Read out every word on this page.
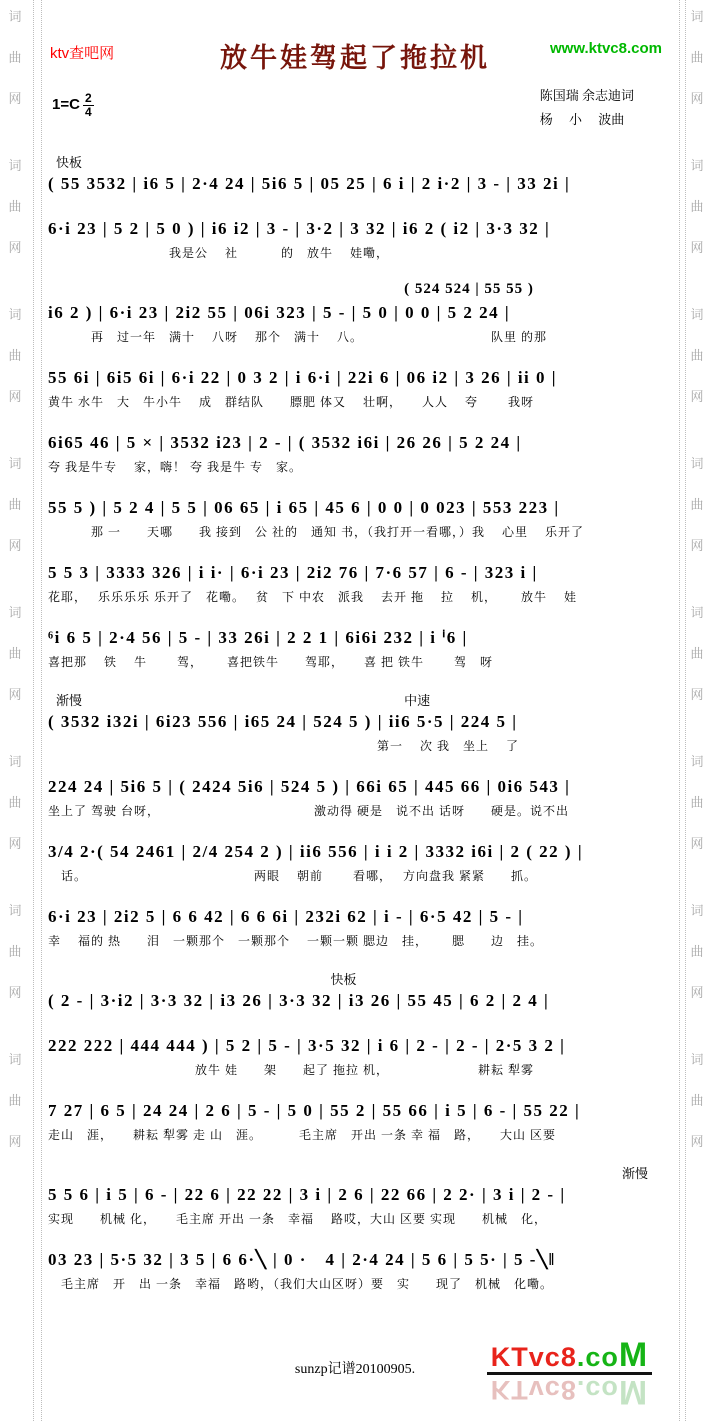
词
曲
网
词
曲
网
词
曲
网
词
曲
网
词
曲
网
词
曲
网
词
曲
网
词
曲
网
词
曲
网
词
曲
网
词
曲
网
词
曲
网
词
曲
网
词
曲
网
词
曲
网
词
曲
网
ktv查吧网	放牛娃驾起了拖拉机	www.ktvc8.com
$1=C \frac{2}{4}$	陈国瑞 余志迪词
杨　 小 　波曲
快板
( 55 3532 | i6 5 | 2·4 24 | 5i6 5 | 05 25 | 6 i | 2 i·2 | 3 - | 33 2i |
6·i 23 | 5 2 | 5 0 ) | i6 i2 | 3 - | 3·2 | 3 32 | i6 2 ( i2 | 3·3 32 |
　　　　　　　　　 我是公　 社　　　 的　放牛　 娃嘞，
( 524 524 | 55 55 )
i6 2 ) | 6·i 23 | 2i2 55 | 06i 323 | 5 - | 5 0 | 0 0 | 5 2 24 |
　　　 再　过一年　满十　 八呀　 那个　满十　 八。　　　　　　　　　　 队里 的那
55 6i | 6i5 6i | 6·i 22 | 0 3 2 | i 6·i | 22i 6 | 06 i2 | 3 26 | ii 0 |
黄牛 水牛　大　牛小牛　 成　群结队　　膘肥 体又　 壮啊，　　人人　 夸　　 我呀
6i65 46 | 5 × | 3532 i23 | 2 - | ( 3532 i6i | 26 26 | 5 2 24 |
夸 我是牛专　 家，嗨！ 夸 我是牛 专　家。
55 5 ) | 5 2 4 | 5 5 | 06 65 | i 65 | 45 6 | 0 0 | 0 023 | 553 223 |
　　　 那 一　　天哪　　我 接到　公 社的　通知 书，（我打开一看哪，）我　 心里　 乐开了
5 5 3 | 3333 326 | i i· | 6·i 23 | 2i2 76 | 7·6 57 | 6 - | 323 i |
花耶，　 乐乐乐乐 乐开了　花嘞。　 贫　下 中农　派我　 去开 拖　 拉　 机，　　 放牛　 娃
⁶i 6 5 | 2·4 56 | 5 - | 33 26i | 2 2 1 | 6i6i 232 | i ⁱ6 |
喜把那　 铁　 牛　　 驾，　　 喜把铁牛　　驾耶，　　喜 把 铁牛　　 驾　呀
渐慢	中速
( 3532 i32i | 6i23 556 | i65 24 | 524 5 ) | ii6 5·5 | 224 5 |
　　　　　　　　　　　　　　　　　　　　　　　　　 第一　 次 我　坐上　 了
224 24 | 5i6 5 | ( 2424 5i6 | 524 5 ) | 66i 65 | 445 66 | 0i6 543 |
坐上了 驾驶 台呀，　　　　　　　　　　　　 激动得 硬是　说不出 话呀　　硬是。说不出
3/4 2·( 54 2461 | 2/4 254 2 ) | ii6 556 | i i 2 | 3332 i6i | 2 ( 22 ) |
　话。　　　　　　　　　　　　　 两眼　 朝前　　 看哪，　 方向盘我 紧紧　　抓。
6·i 23 | 2i2 5 | 6 6 42 | 6 6 6i | 232i 62 | i - | 6·5 42 | 5 - |
幸　 福的 热　　泪　一颗那个　一颗那个　 一颗一颗 腮边　挂，　　 腮　　边　挂。
快板
( 2 - | 3·i2 | 3·3 32 | i3 26 | 3·3 32 | i3 26 | 55 45 | 6 2 | 2 4 |
222 222 | 444 444 ) | 5 2 | 5 - | 3·5 32 | i 6 | 2 - | 2 - | 2·5 3 2 |
　　　　　　　　　　　 放牛 娃　　架　　起了 拖拉 机，　　　　　　　 耕耘 犁雾
7 27 | 6 5 | 24 24 | 2 6 | 5 - | 5 0 | 55 2 | 55 66 | i 5 | 6 - | 55 22 |
走山　涯，　　耕耘 犁雾 走 山　涯。　　　 毛主席　开出 一条 幸 福　路，　　大山 区要
渐慢
5 5 6 | i 5 | 6 - | 22 6 | 22 22 | 3 i | 2 6 | 22 66 | 2 2· | 3 i | 2 - |
实现　　机械 化，　　毛主席 开出 一条　幸福　 路哎，大山 区要 实现　　机械　化，
03 23 | 5·5 32 | 3 5 | 6 6·╲ | 0 ·　4 | 2·4 24 | 5 6 | 5 5· | 5 -╲‖
　毛主席　开　出 一条　幸福　路哟，（我们大山区呀）要　实　　现了　机械　化嘞。
sunzp记谱20100905.	KTvc8.coM
KTvc8.coM
